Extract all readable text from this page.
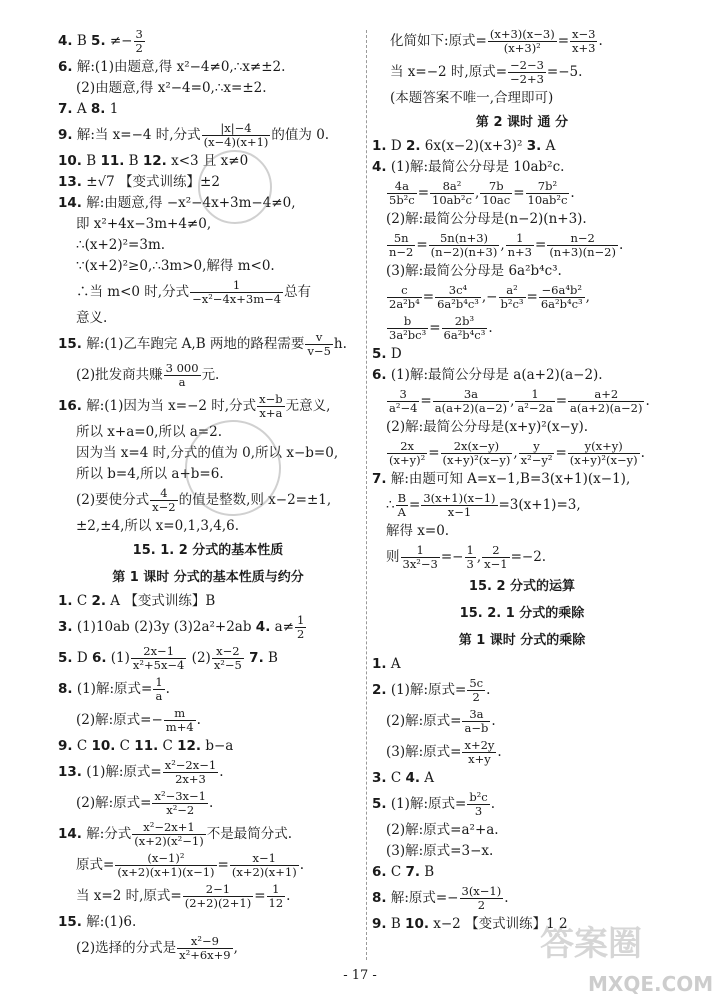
4. B 5. ≠− $\frac{3}{2}$
6. 解:(1)由题意,得 x²−4≠0,∴x≠±2.
(2)由题意,得 x²−4=0,∴x=±2.
7. A 8. 1
9. 解:当 x=−4 时,分式 $\frac{|x|-4}{(x-4)(x+1)}$ 的值为 0.
10. B 11. B 12. x<3 且 x≠0
13. ±√7 【变式训练】±2
14. 解:由题意,得 −x²−4x+3m−4≠0,
即 x²+4x−3m+4≠0,
∴(x+2)²=3m.
∵(x+2)²≥0,∴3m>0,解得 m<0.
∴当 m<0 时,分式 $\frac{1}{\text{−x²−4x+3m−4}}$ 总有
意义.
15. 解:(1)乙车跑完 A,B 两地的路程需要 $\frac{v}{v-5} h$.
(2)批发商共赚 $\frac{3 000}{a}$ 元.
16. 解:(1)因为当 x=−2 时,分式 $\frac{x-b}{x+a}$ 无意义,
所以 x+a=0,所以 a=2.
因为当 x=4 时,分式的值为 0,所以 x−b=0,
所以 b=4,所以 a+b=6.
(2)要使分式 $\frac{4}{x-2}$ 的值是整数,则 x−2=±1,
±2,±4,所以 x=0,1,3,4,6.
15. 1. 2 分式的基本性质
第 1 课时 分式的基本性质与约分
1. C 2. A 【变式训练】B
3. (1)10ab (2)3y (3)2a²+2ab 4. $a\ne \frac{1}{2}$
5. D 6. $(1) \frac{2x-1}{\text{x²+5x−4}} (2) \frac{x-2}{\text{x²−5}} 7$. B
8. (1)解:原式= $\frac{1}{a}$ .
(2)解:原式=− $\frac{m}{m+4}$ .
9. C 10. C 11. C 12. b−a
13. (1)解:原式= $\frac{\text{x²−2x−1}}{2x+3}$ .
(2)解:原式= $\frac{\text{x²−3x−1}}{\text{x²−2}}$ .
14. 解:分式 $\frac{\text{x²−2x+1}}{\text{(x+2)(x²−1)}}$ 不是最简分式.
原式= $\frac{\text{(x−1)²}}{(x+2)(x+1)(x-1)} = \frac{x-1}{(x+2)(x+1)}$ .
当 x=2 时,原式= $\frac{2-1}{(2+2)(2+1)} = \frac{1}{12}$ .
15. 解:(1)6.
(2)选择的分式是 $\frac{\text{x²−9}}{\text{x²+6x+9}}$ ,
化简如下:原式= $\frac{(x+3)(x-3)}{\text{(x+3)²}} = \frac{x-3}{x+3}$ .
当 x=−2 时,原式= $\frac{-2-3}{-2+3} =-5$.
(本题答案不唯一,合理即可)
第 2 课时 通 分
1. D 2. 6x(x−2)(x+3)² 3. A
4. (1)解:最简公分母是 10ab²c.
$\frac{4a}{\text{5b²c}} = \frac{\text{8a²}}{\text{10ab²c}}$ , $\frac{7b}{10ac} = \frac{\text{7b²}}{\text{10ab²c}}$ .
(2)解:最简公分母是(n−2)(n+3).
$\frac{5n}{n-2} = \frac{5n(n+3)}{(n-2)(n+3)}$ , $\frac{1}{n+3} = \frac{n-2}{(n+3)(n-2)}$ .
(3)解:最简公分母是 6a²b⁴c³.
$\frac{c}{\text{2a²b⁴}} = \frac{\text{3c⁴}}{\text{6a²b⁴c³}}$ ,− $\frac{\text{a²}}{\text{b²c³}} = \frac{\text{−6a⁴b²}}{\text{6a²b⁴c³}}$ ,
$\frac{b}{\text{3a²bc³}} = \frac{\text{2b³}}{\text{6a²b⁴c³}}$ .
5. D
6. (1)解:最简公分母是 a(a+2)(a−2).
$\frac{3}{\text{a²−4}} = \frac{3a}{a(a+2)(a-2)}$ , $\frac{1}{\text{a²−2a}} = \frac{a+2}{a(a+2)(a-2)}$ .
(2)解:最简公分母是(x+y)²(x−y).
$\frac{2x}{\text{(x+y)²}} = \frac{2x(x-y)}{\text{(x+y)²(x−y)}}$ , $\frac{y}{\text{x²−y²}} = \frac{y(x+y)}{\text{(x+y)²(x−y)}}$ .
7. 解:由题可知 A=x−1,B=3(x+1)(x−1),
∴ $\frac{B}{A} = \frac{3(x+1)(x-1)}{x-1} =3(x+1)=3$,
解得 x=0.
则 $\frac{1}{\text{3x²−3}} =- \frac{1}{3}$ , $\frac{2}{x-1} =-2$.
15. 2 分式的运算
15. 2. 1 分式的乘除
第 1 课时 分式的乘除
1. A
2. (1)解:原式= $\frac{5c}{2}$ .
(2)解:原式= $\frac{3a}{a-b}$ .
(3)解:原式= $\frac{x+2y}{x+y}$ .
3. C 4. A
5. (1)解:原式= $\frac{\text{b²c}}{3}$ .
(2)解:原式=a²+a.
(3)解:原式=3−x.
6. C 7. B
8. 解:原式=− $\frac{3(x-1)}{2}$ .
9. B 10. x−2 【变式训练】1 2
答案圈
MXQE.COM
- 17 -
